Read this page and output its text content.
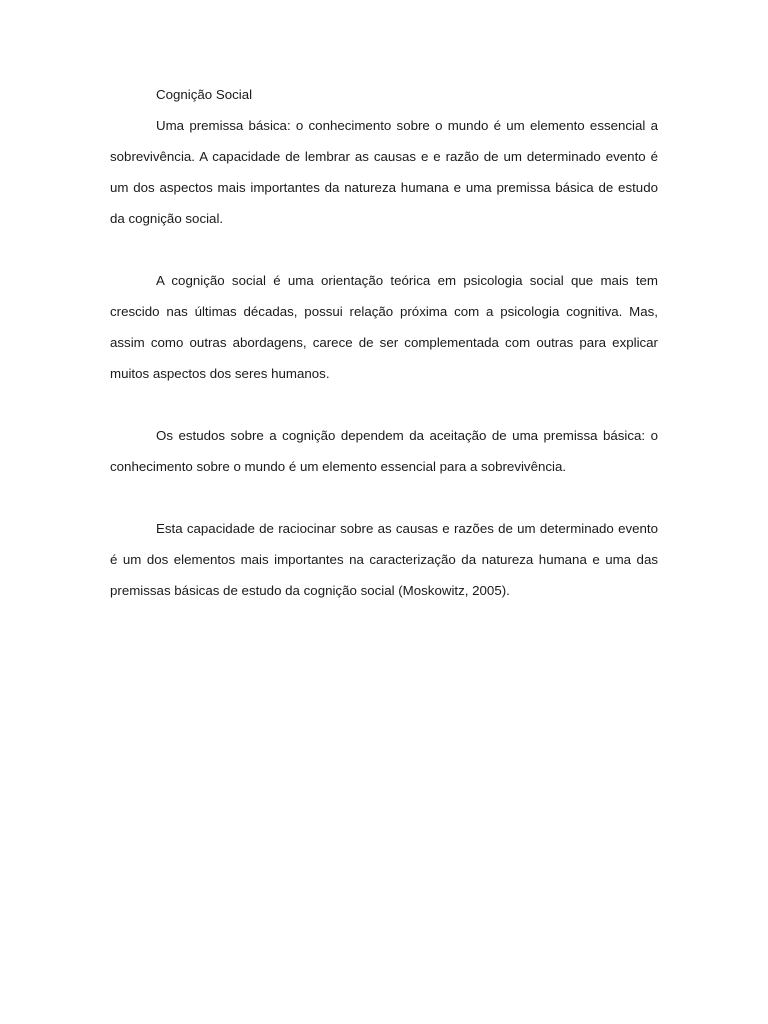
Cognição Social

Uma premissa básica: o conhecimento sobre o mundo é um elemento essencial a sobrevivência. A capacidade de lembrar as causas e e razão de um determinado evento é um dos aspectos mais importantes da natureza humana e uma premissa básica de estudo da cognição social.

A cognição social é uma orientação teórica em psicologia social que mais tem crescido nas últimas décadas, possui relação próxima com a psicologia cognitiva. Mas, assim como outras abordagens, carece de ser complementada com outras para explicar muitos aspectos dos seres humanos.

Os estudos sobre a cognição dependem da aceitação de uma premissa básica: o conhecimento sobre o mundo é um elemento essencial para a sobrevivência.

Esta capacidade de raciocinar sobre as causas e razões de um determinado evento é um dos elementos mais importantes na caracterização da natureza humana e uma das premissas básicas de estudo da cognição social (Moskowitz, 2005).
